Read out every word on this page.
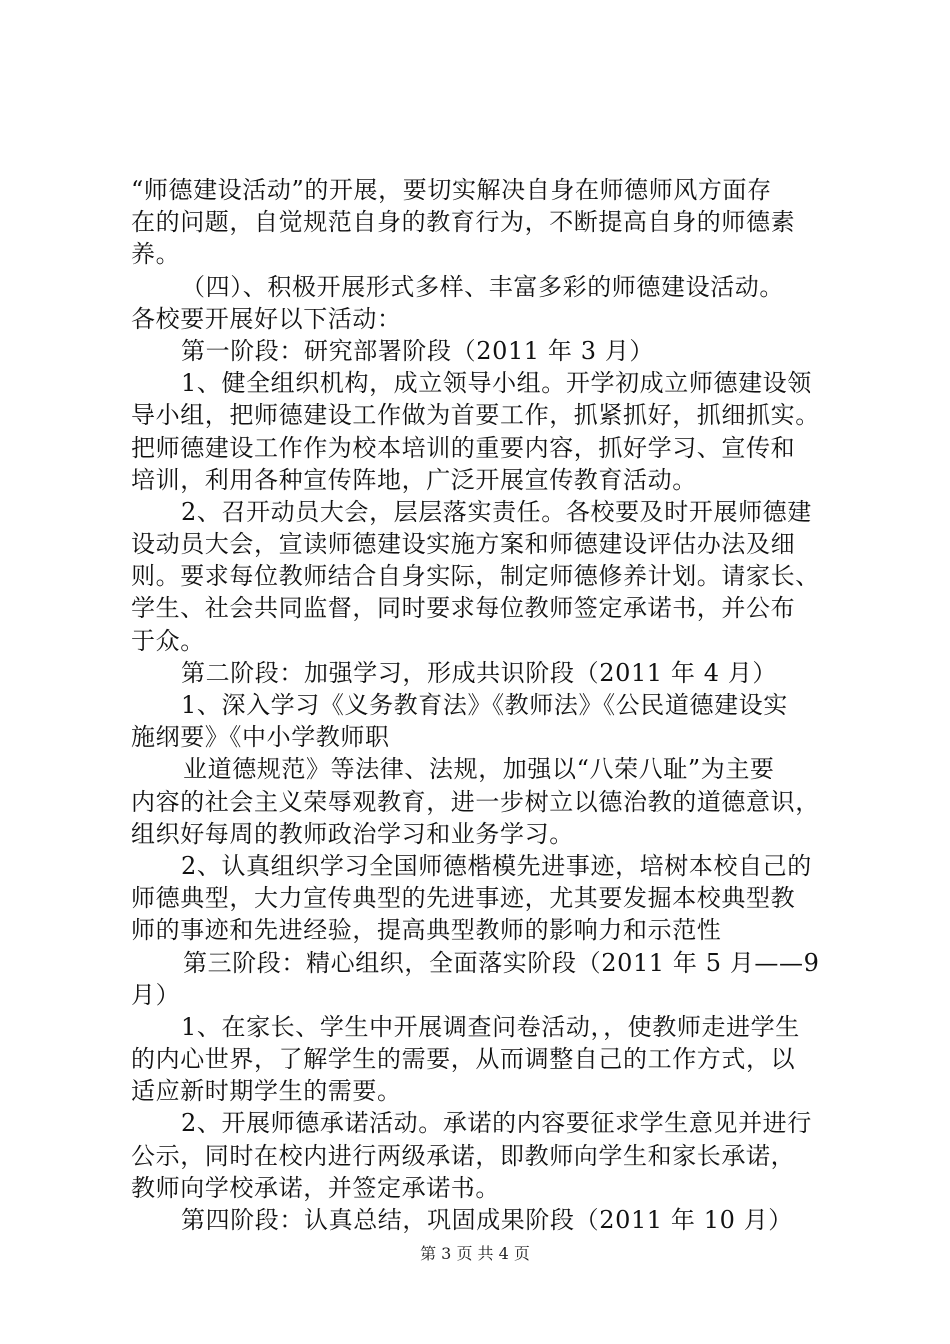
“师德建设活动”的开展，要切实解决自身在师德师风方面存
在的问题，自觉规范自身的教育行为，不断提高自身的师德素
养。
（四）、积极开展形式多样、丰富多彩的师德建设活动。
各校要开展好以下活动：
第一阶段：研究部署阶段（2011 年 3 月）
1、健全组织机构，成立领导小组。开学初成立师德建设领
导小组，把师德建设工作做为首要工作，抓紧抓好，抓细抓实。
把师德建设工作作为校本培训的重要内容，抓好学习、宣传和
培训，利用各种宣传阵地，广泛开展宣传教育活动。
2、召开动员大会，层层落实责任。各校要及时开展师德建
设动员大会，宣读师德建设实施方案和师德建设评估办法及细
则。要求每位教师结合自身实际，制定师德修养计划。请家长、
学生、社会共同监督，同时要求每位教师签定承诺书，并公布
于众。
第二阶段：加强学习，形成共识阶段（2011 年 4 月）
1、深入学习《义务教育法》《教师法》《公民道德建设实
施纲要》《中小学教师职
业道德规范》等法律、法规，加强以“八荣八耻”为主要
内容的社会主义荣辱观教育，进一步树立以德治教的道德意识，
组织好每周的教师政治学习和业务学习。
2、认真组织学习全国师德楷模先进事迹，培树本校自己的
师德典型，大力宣传典型的先进事迹，尤其要发掘本校典型教
师的事迹和先进经验，提高典型教师的影响力和示范性
第三阶段：精心组织，全面落实阶段（2011 年 5 月——9
月）
1、在家长、学生中开展调查问卷活动，，使教师走进学生
的内心世界，了解学生的需要，从而调整自己的工作方式，以
适应新时期学生的需要。
2、开展师德承诺活动。承诺的内容要征求学生意见并进行
公示，同时在校内进行两级承诺，即教师向学生和家长承诺，
教师向学校承诺，并签定承诺书。
第四阶段：认真总结，巩固成果阶段（2011 年 10 月）
第 3 页 共 4 页
